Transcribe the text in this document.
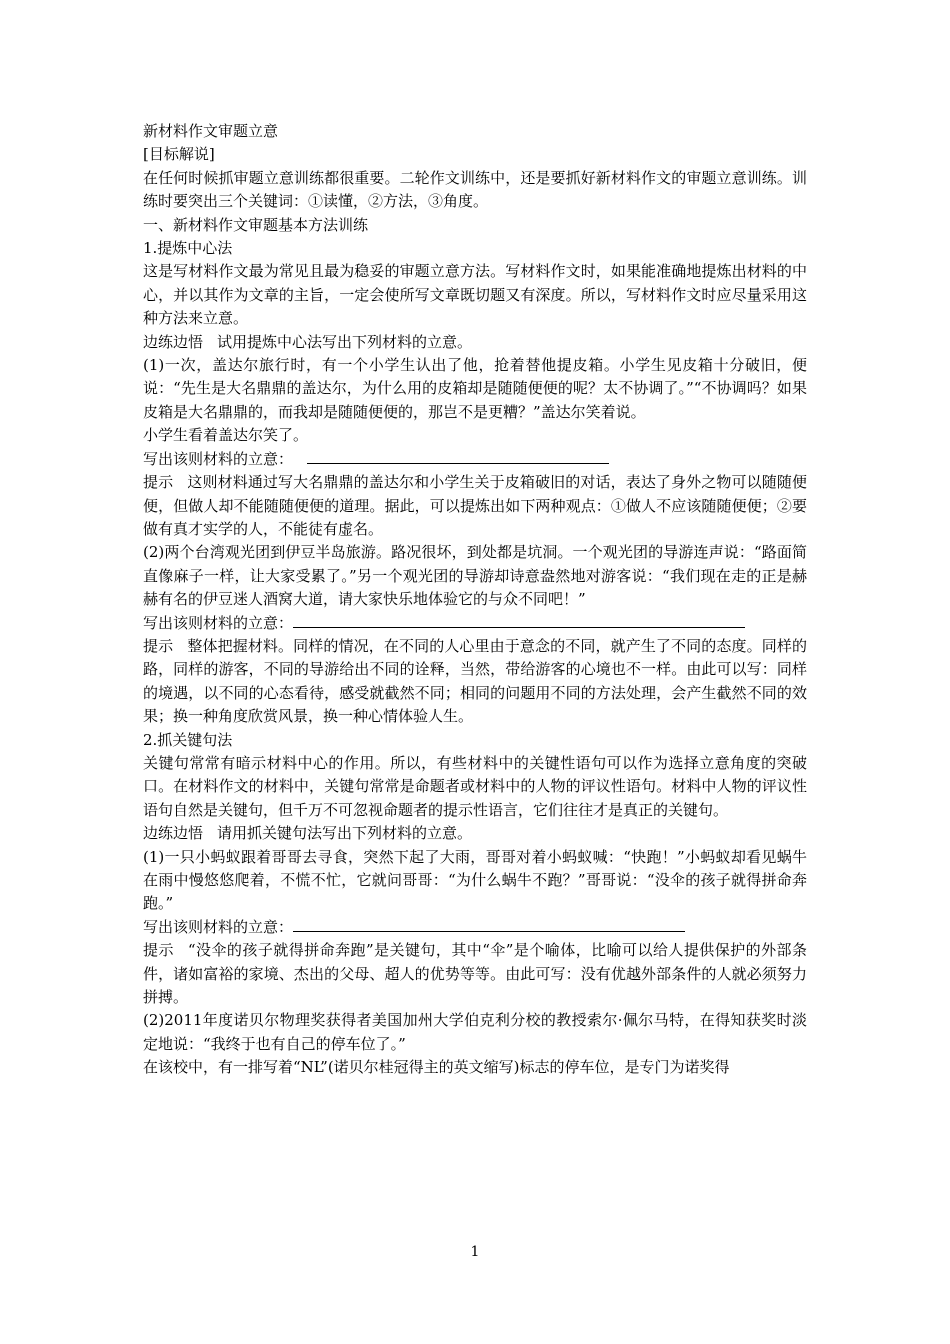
新材料作文审题立意

[目标解说]

在任何时候抓审题立意训练都很重要。二轮作文训练中，还是要抓好新材料作文的审题立意训练。训练时要突出三个关键词：①读懂，②方法，③角度。

一、新材料作文审题基本方法训练

1.提炼中心法

这是写材料作文最为常见且最为稳妥的审题立意方法。写材料作文时，如果能准确地提炼出材料的中心，并以其作为文章的主旨，一定会使所写文章既切题又有深度。所以，写材料作文时应尽量采用这种方法来立意。

边练边悟 试用提炼中心法写出下列材料的立意。

(1)一次，盖达尔旅行时，有一个小学生认出了他，抢着替他提皮箱。小学生见皮箱十分破旧，便说：“先生是大名鼎鼎的盖达尔，为什么用的皮箱却是随随便便的呢？太不协调了。”“不协调吗？如果皮箱是大名鼎鼎的，而我却是随随便便的，那岂不是更糟？”盖达尔笑着说。

小学生看着盖达尔笑了。

写出该则材料的立意：

提示 这则材料通过写大名鼎鼎的盖达尔和小学生关于皮箱破旧的对话，表达了身外之物可以随随便便，但做人却不能随随便便的道理。据此，可以提炼出如下两种观点：①做人不应该随随便便；②要做有真才实学的人，不能徒有虚名。

(2)两个台湾观光团到伊豆半岛旅游。路况很坏，到处都是坑洞。一个观光团的导游连声说：“路面简直像麻子一样，让大家受累了。”另一个观光团的导游却诗意盎然地对游客说：“我们现在走的正是赫赫有名的伊豆迷人酒窝大道，请大家快乐地体验它的与众不同吧！”

写出该则材料的立意：

提示 整体把握材料。同样的情况，在不同的人心里由于意念的不同，就产生了不同的态度。同样的路，同样的游客，不同的导游给出不同的诠释，当然，带给游客的心境也不一样。由此可以写：同样的境遇，以不同的心态看待，感受就截然不同；相同的问题用不同的方法处理，会产生截然不同的效果；换一种角度欣赏风景，换一种心情体验人生。

2.抓关键句法

关键句常常有暗示材料中心的作用。所以，有些材料中的关键性语句可以作为选择立意角度的突破口。在材料作文的材料中，关键句常常是命题者或材料中的人物的评议性语句。材料中人物的评议性语句自然是关键句，但千万不可忽视命题者的提示性语言，它们往往才是真正的关键句。

边练边悟 请用抓关键句法写出下列材料的立意。

(1)一只小蚂蚁跟着哥哥去寻食，突然下起了大雨，哥哥对着小蚂蚁喊：“快跑！”小蚂蚁却看见蜗牛在雨中慢悠悠爬着，不慌不忙，它就问哥哥：“为什么蜗牛不跑？”哥哥说：“没伞的孩子就得拼命奔跑。”

写出该则材料的立意：

提示 “没伞的孩子就得拼命奔跑”是关键句，其中“伞”是个喻体，比喻可以给人提供保护的外部条件，诸如富裕的家境、杰出的父母、超人的优势等等。由此可写：没有优越外部条件的人就必须努力拼搏。

(2)2011年度诺贝尔物理奖获得者美国加州大学伯克利分校的教授索尔·佩尔马特，在得知获奖时淡定地说：“我终于也有自己的停车位了。”

在该校中，有一排写着“NL”(诺贝尔桂冠得主的英文缩写)标志的停车位，是专门为诺奖得

1
